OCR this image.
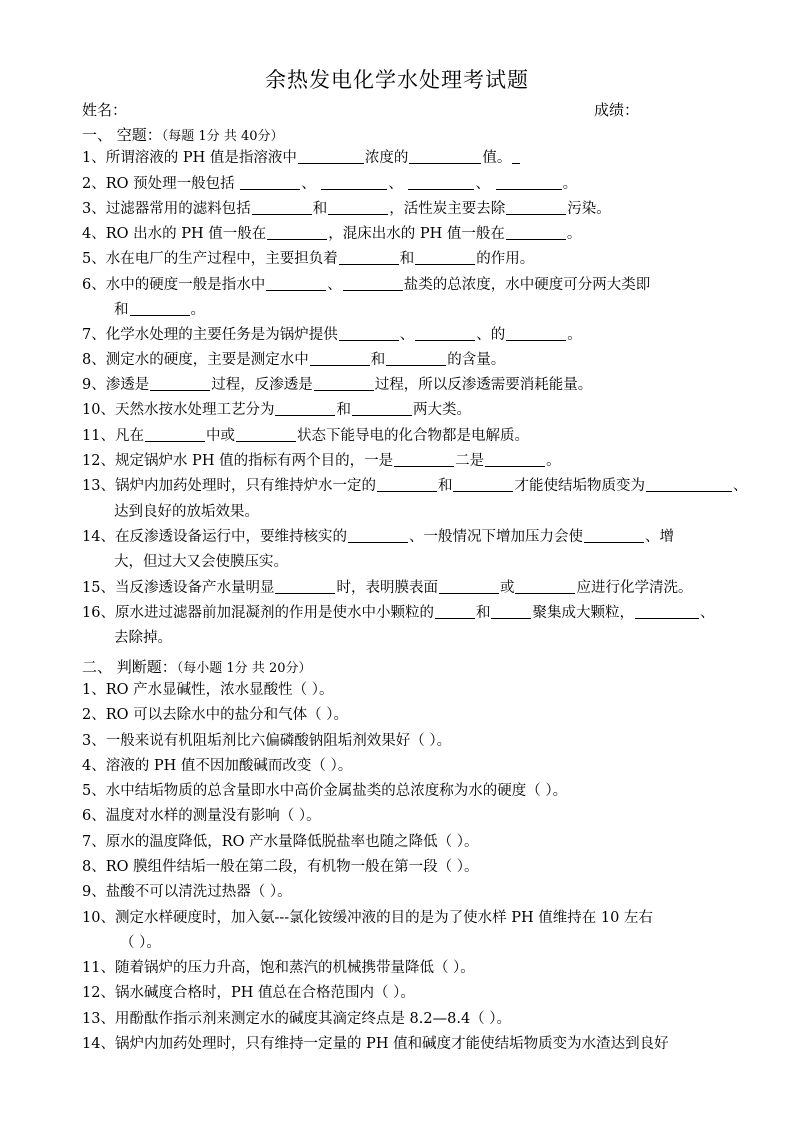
余热发电化学水处理考试题
姓名：	成绩：
一、 空题：（每题 1分 共 40分）
1、所谓溶液的 PH 值是指溶液中	浓度的	值。
2、RO 预处理一般包括	、	、	、	。
3、过滤器常用的滤料包括	和	，活性炭主要去除	污染。
4、RO 出水的 PH 值一般在	，混床出水的 PH 值一般在	。
5、水在电厂的生产过程中，主要担负着	和	的作用。
6、水中的硬度一般是指水中	、	盐类的总浓度，水中硬度可分两大类即
和	。
7、化学水处理的主要任务是为锅炉提供	、	、的	。
8、测定水的硬度，主要是测定水中	和	的含量。
9、渗透是	过程，反渗透是	过程，所以反渗透需要消耗能量。
10、天然水按水处理工艺分为	和	两大类。
11、凡在	中或	状态下能导电的化合物都是电解质。
12、规定锅炉水 PH 值的指标有两个目的，一是	二是	。
13、锅炉内加药处理时，只有维持炉水一定的	和	才能使结垢物质变为	、
达到良好的放垢效果。
14、在反渗透设备运行中，要维持核实的	、一般情况下增加压力会使	、增
大，但过大又会使膜压实。
15、当反渗透设备产水量明显	时，表明膜表面	或	应进行化学清洗。
16、原水进过滤器前加混凝剂的作用是使水中小颗粒的	和	聚集成大颗粒，	、
去除掉。
二、 判断题：（每小题 1分 共 20分）
1、RO 产水显碱性，浓水显酸性（ ）。
2、RO 可以去除水中的盐分和气体（ ）。
3、一般来说有机阻垢剂比六偏磷酸钠阻垢剂效果好（ ）。
4、溶液的 PH 值不因加酸碱而改变（ ）。
5、水中结垢物质的总含量即水中高价金属盐类的总浓度称为水的硬度（ ）。
6、温度对水样的测量没有影响（ ）。
7、原水的温度降低，RO 产水量降低脱盐率也随之降低（ ）。
8、RO 膜组件结垢一般在第二段，有机物一般在第一段（ ）。
9、盐酸不可以清洗过热器（ ）。
10、测定水样硬度时，加入氨---氯化铵缓冲液的目的是为了使水样 PH 值维持在 10 左右
（ ）。
11、随着锅炉的压力升高，饱和蒸汽的机械携带量降低（ ）。
12、锅水碱度合格时，PH 值总在合格范围内（ ）。
13、用酚酞作指示剂来测定水的碱度其滴定终点是 8.2—8.4（ ）。
14、锅炉内加药处理时，只有维持一定量的 PH 值和碱度才能使结垢物质变为水渣达到良好
